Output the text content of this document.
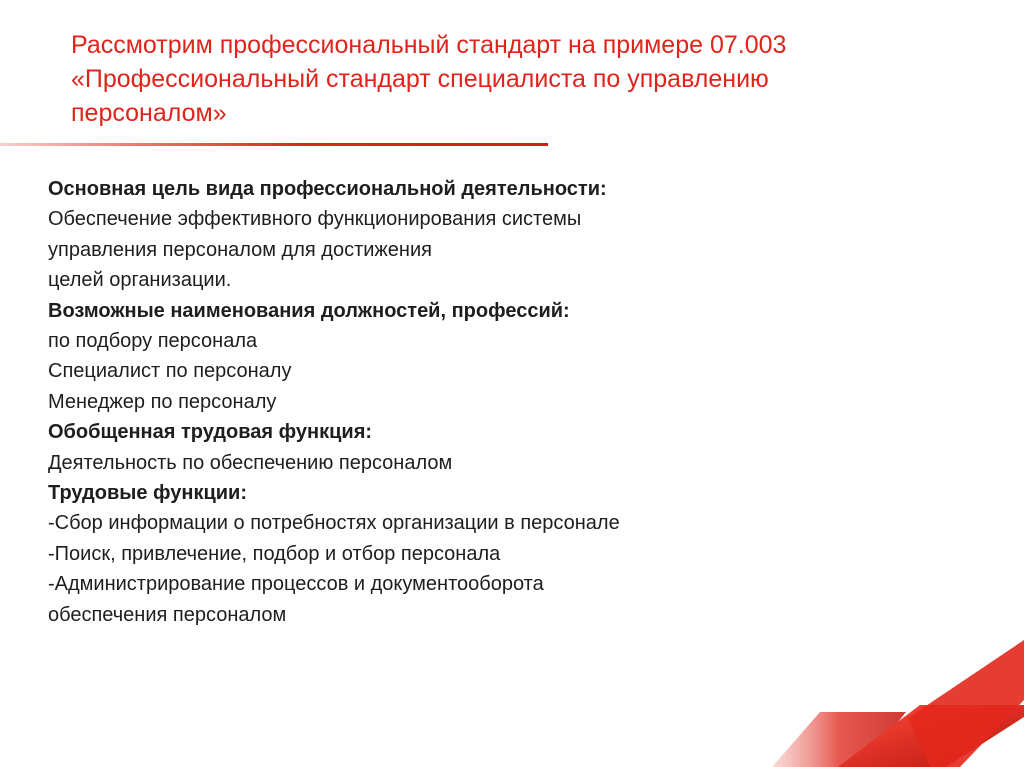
Рассмотрим профессиональный стандарт на примере 07.003
«Профессиональный стандарт специалиста по управлению
персоналом»
Основная цель вида профессиональной деятельности:
Обеспечение эффективного функционирования системы
управления персоналом для достижения
целей организации.
Возможные наименования должностей, профессий:
по подбору персонала
Специалист по персоналу
Менеджер по персоналу
Обобщенная трудовая функция:
Деятельность по обеспечению персоналом
Трудовые функции:
-Сбор информации о потребностях организации в персонале
-Поиск, привлечение, подбор и отбор персонала
-Администрирование процессов и документооборота
обеспечения персоналом
